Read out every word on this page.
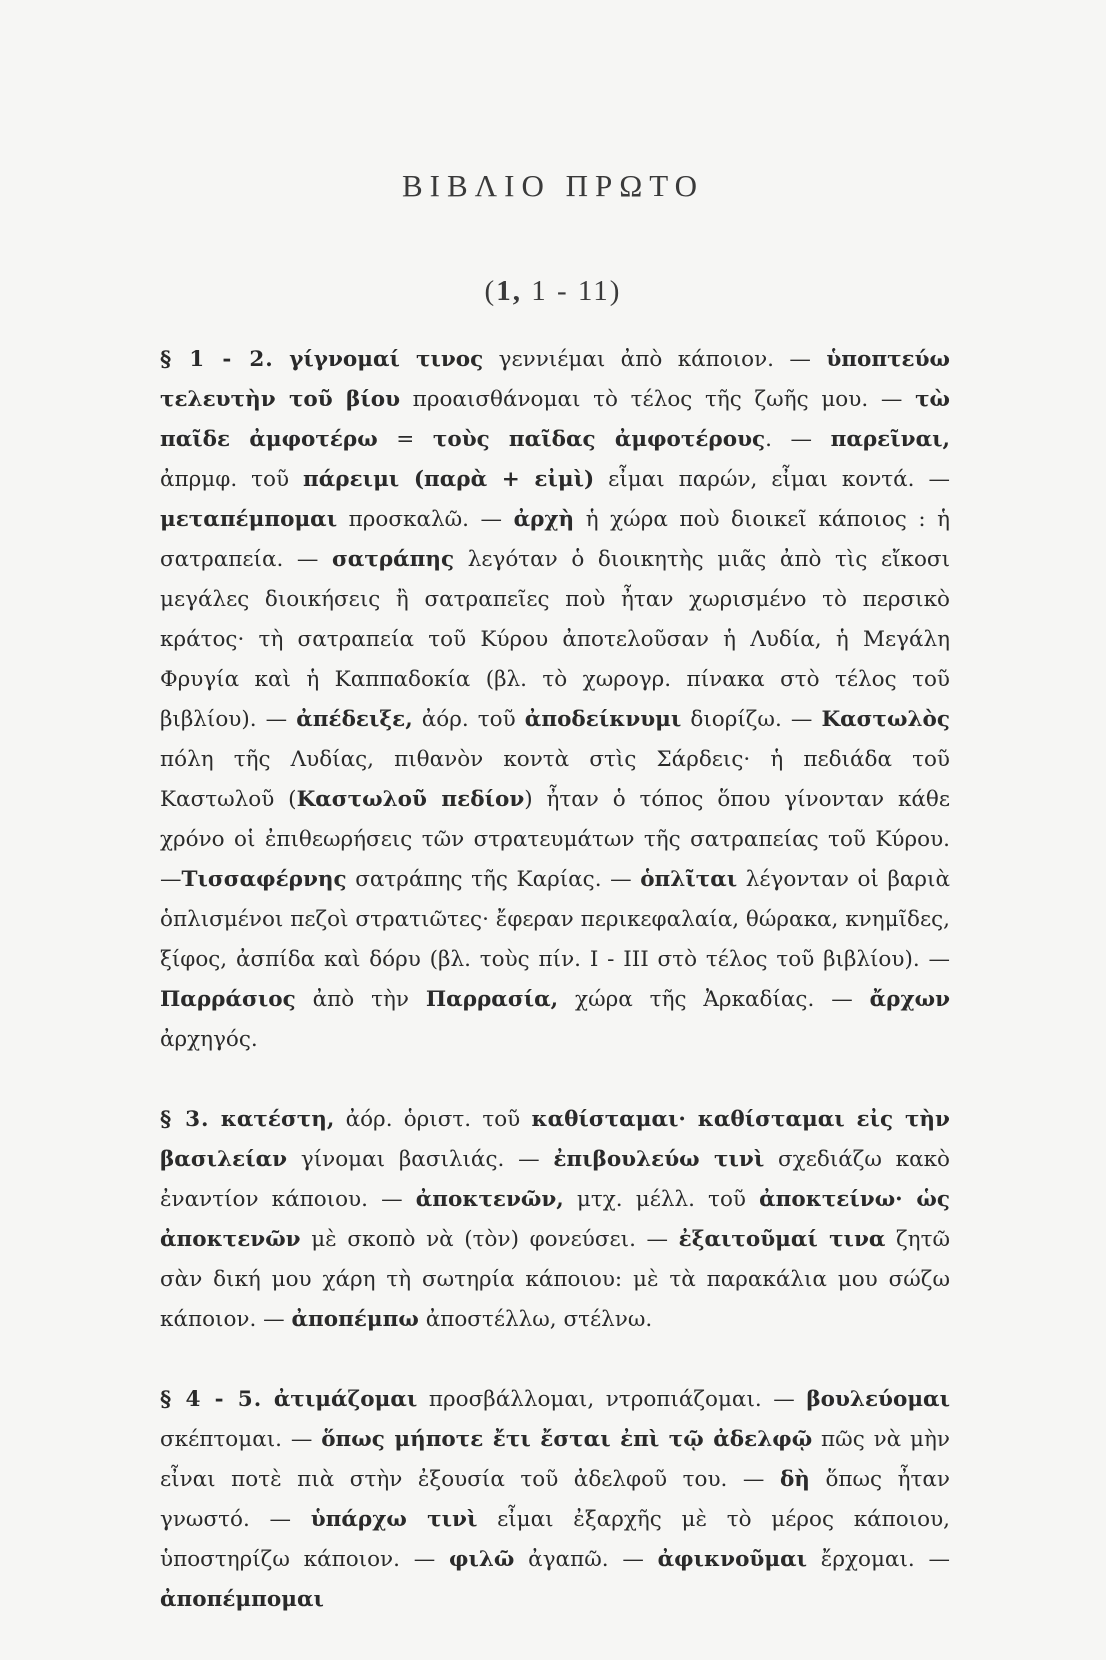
ΒΙΒΛΙΟ ΠΡΩΤΟ
(1, 1 - 11)

§ 1 - 2. γίγνομαί τινος γεννιέμαι ἀπὸ κάποιον. — ὑποπτεύω τελευτὴν τοῦ βίου προαισθάνομαι τὸ τέλος τῆς ζωῆς μου. — τὼ παῖδε ἀμφοτέρω = τοὺς παῖδας ἀμφοτέρους. — παρεῖναι, ἀπρμφ. τοῦ πάρειμι (παρὰ + εἰμὶ) εἶμαι παρών, εἶμαι κοντά. — μεταπέμπομαι προσκαλῶ. — ἀρχὴ ἡ χώρα ποὺ διοικεῖ κάποιος : ἡ σατραπεία. — σατράπης λεγόταν ὁ διοικητὴς μιᾶς ἀπὸ τὶς εἴκοσι μεγάλες διοικήσεις ἢ σατραπεῖες ποὺ ἦταν χωρισμένο τὸ περσικὸ κράτος· τὴ σατραπεία τοῦ Κύρου ἀποτελοῦσαν ἡ Λυδία, ἡ Μεγάλη Φρυγία καὶ ἡ Καππαδοκία (βλ. τὸ χωρογρ. πίνακα στὸ τέλος τοῦ βιβλίου). — ἀπέδειξε, ἀόρ. τοῦ ἀποδείκνυμι διορίζω. — Καστωλὸς πόλη τῆς Λυδίας, πιθανὸν κοντὰ στὶς Σάρδεις· ἡ πεδιάδα τοῦ Καστωλοῦ (Καστωλοῦ πεδίον) ἦταν ὁ τόπος ὅπου γίνονταν κάθε χρόνο οἱ ἐπιθεωρήσεις τῶν στρατευμάτων τῆς σατραπείας τοῦ Κύρου.—Τισσαφέρνης σατράπης τῆς Καρίας. — ὁπλῖται λέγονταν οἱ βαριὰ ὁπλισμένοι πεζοὶ στρατιῶτες· ἔφεραν περικεφαλαία, θώρακα, κνημῖδες, ξίφος, ἀσπίδα καὶ δόρυ (βλ. τοὺς πίν. I - III στὸ τέλος τοῦ βιβλίου). — Παρράσιος ἀπὸ τὴν Παρρασία, χώρα τῆς Ἀρκαδίας. — ἄρχων ἀρχηγός.

§ 3. κατέστη, ἀόρ. ὁριστ. τοῦ καθίσταμαι· καθίσταμαι εἰς τὴν βασιλείαν γίνομαι βασιλιάς. — ἐπιβουλεύω τινὶ σχεδιάζω κακὸ ἐναντίον κάποιου. — ἀποκτενῶν, μτχ. μέλλ. τοῦ ἀποκτείνω· ὡς ἀποκτενῶν μὲ σκοπὸ νὰ (τὸν) φονεύσει. — ἐξαιτοῦμαί τινα ζητῶ σὰν δική μου χάρη τὴ σωτηρία κάποιου: μὲ τὰ παρακάλια μου σώζω κάποιον. — ἀποπέμπω ἀποστέλλω, στέλνω.

§ 4 - 5. ἀτιμάζομαι προσβάλλομαι, ντροπιάζομαι. — βουλεύομαι σκέπτομαι. — ὅπως μήποτε ἔτι ἔσται ἐπὶ τῷ ἀδελφῷ πῶς νὰ μὴν εἶναι ποτὲ πιὰ στὴν ἐξουσία τοῦ ἀδελφοῦ του. — δὴ ὅπως ἦταν γνωστό. — ὑπάρχω τινὶ εἶμαι ἐξαρχῆς μὲ τὸ μέρος κάποιου, ὑποστηρίζω κάποιον. — φιλῶ ἀγαπῶ. — ἀφικνοῦμαι ἔρχομαι. — ἀποπέμπομαι
